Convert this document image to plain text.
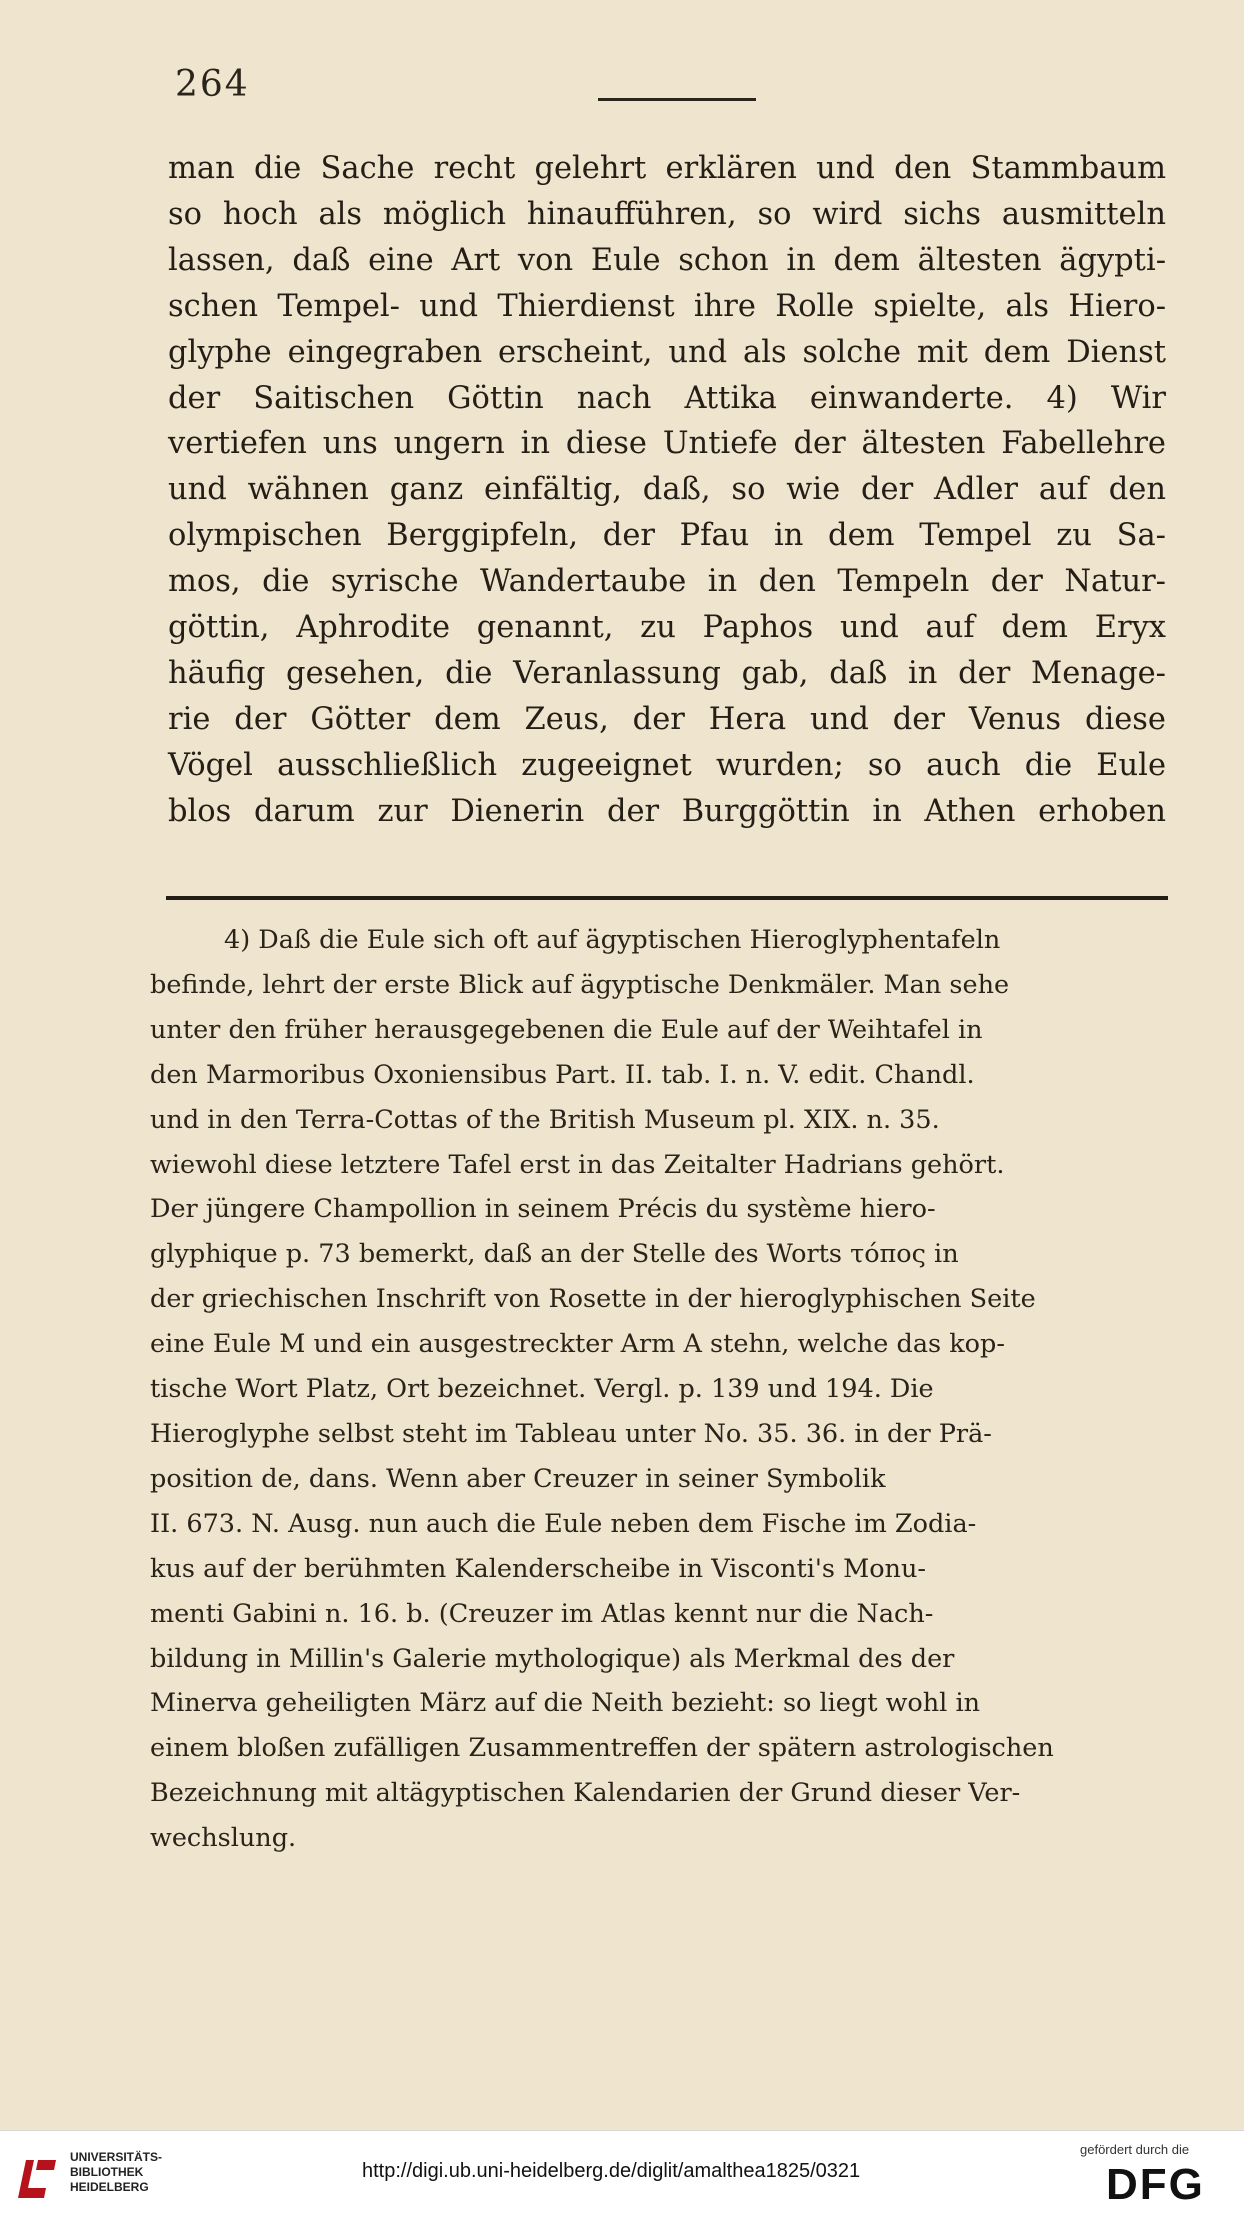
264
man die Sache recht gelehrt erklären und den Stammbaum
so hoch als möglich hinaufführen, so wird sichs ausmitteln
lassen, daß eine Art von Eule schon in dem ältesten ägypti-
schen Tempel- und Thierdienst ihre Rolle spielte, als Hiero-
glyphe eingegraben erscheint, und als solche mit dem Dienst
der Saitischen Göttin nach Attika einwanderte. 4) Wir
vertiefen uns ungern in diese Untiefe der ältesten Fabellehre
und wähnen ganz einfältig, daß, so wie der Adler auf den
olympischen Berggipfeln, der Pfau in dem Tempel zu Sa-
mos, die syrische Wandertaube in den Tempeln der Natur-
göttin, Aphrodite genannt, zu Paphos und auf dem Eryx
häufig gesehen, die Veranlassung gab, daß in der Menage-
rie der Götter dem Zeus, der Hera und der Venus diese
Vögel ausschließlich zugeeignet wurden; so auch die Eule
blos darum zur Dienerin der Burggöttin in Athen erhoben
4) Daß die Eule sich oft auf ägyptischen Hieroglyphentafeln
befinde, lehrt der erste Blick auf ägyptische Denkmäler. Man sehe
unter den früher herausgegebenen die Eule auf der Weihtafel in
den Marmoribus Oxoniensibus Part. II. tab. I. n. V. edit. Chandl.
und in den Terra-Cottas of the British Museum pl. XIX. n. 35.
wiewohl diese letztere Tafel erst in das Zeitalter Hadrians gehört.
Der jüngere Champollion in seinem Précis du système hiero-
glyphique p. 73 bemerkt, daß an der Stelle des Worts τόπος in
der griechischen Inschrift von Rosette in der hieroglyphischen Seite
eine Eule M und ein ausgestreckter Arm A stehn, welche das kop-
tische Wort Platz, Ort bezeichnet. Vergl. p. 139 und 194. Die
Hieroglyphe selbst steht im Tableau unter No. 35. 36. in der Prä-
position de, dans. Wenn aber Creuzer in seiner Symbolik
II. 673. N. Ausg. nun auch die Eule neben dem Fische im Zodia-
kus auf der berühmten Kalenderscheibe in Visconti's Monu-
menti Gabini n. 16. b. (Creuzer im Atlas kennt nur die Nach-
bildung in Millin's Galerie mythologique) als Merkmal des der
Minerva geheiligten März auf die Neith bezieht: so liegt wohl in
einem bloßen zufälligen Zusammentreffen der spätern astrologischen
Bezeichnung mit altägyptischen Kalendarien der Grund dieser Ver-
wechslung.
UNIVERSITÄTS-
BIBLIOTHEK
HEIDELBERG
http://digi.ub.uni-heidelberg.de/diglit/amalthea1825/0321
gefördert durch die
DFG
